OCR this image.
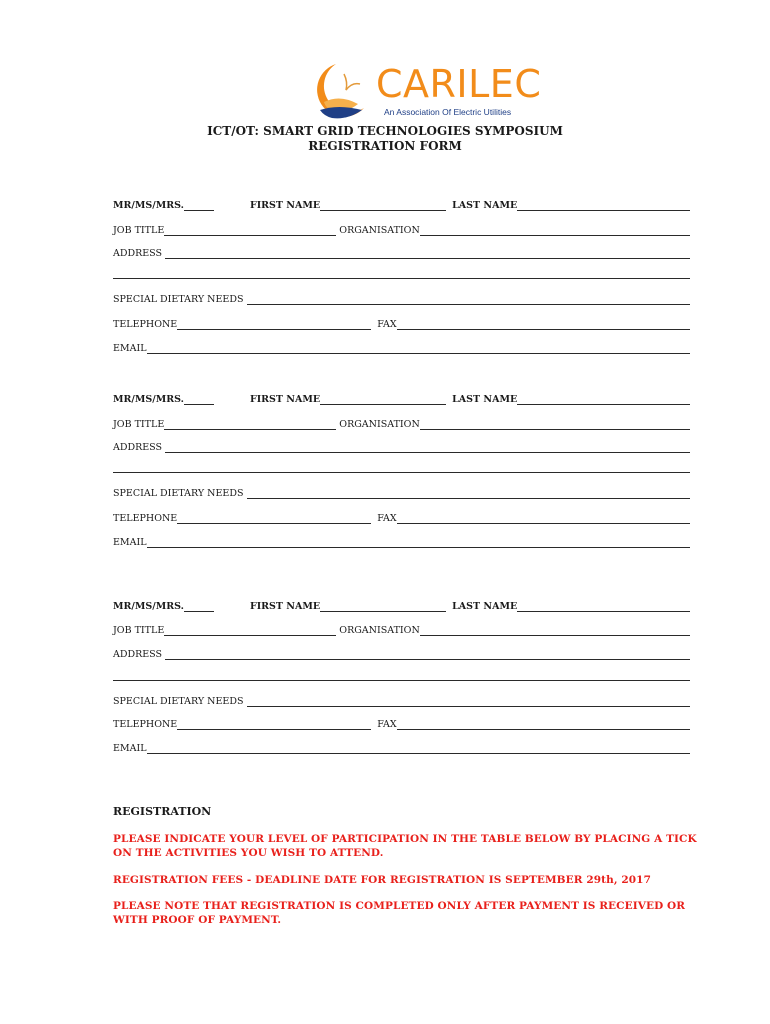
CARILEC
An Association Of Electric Utilities
ICT/OT: SMART GRID TECHNOLOGIES SYMPOSIUM
REGISTRATION FORM
MR/MS/MRS.	FIRST NAME	LAST NAME
JOB TITLE	ORGANISATION
ADDRESS
SPECIAL DIETARY NEEDS
TELEPHONE	FAX
EMAIL
MR/MS/MRS.	FIRST NAME	LAST NAME
JOB TITLE	ORGANISATION
ADDRESS
SPECIAL DIETARY NEEDS
TELEPHONE	FAX
EMAIL
MR/MS/MRS.	FIRST NAME	LAST NAME
JOB TITLE	ORGANISATION
ADDRESS
SPECIAL DIETARY NEEDS
TELEPHONE	FAX
EMAIL
REGISTRATION
PLEASE INDICATE YOUR LEVEL OF PARTICIPATION IN THE TABLE BELOW BY PLACING A TICK ON THE ACTIVITIES YOU WISH TO ATTEND.
REGISTRATION FEES - DEADLINE DATE FOR REGISTRATION IS SEPTEMBER 29th, 2017
PLEASE NOTE THAT REGISTRATION IS COMPLETED ONLY AFTER PAYMENT IS RECEIVED OR WITH PROOF OF PAYMENT.
